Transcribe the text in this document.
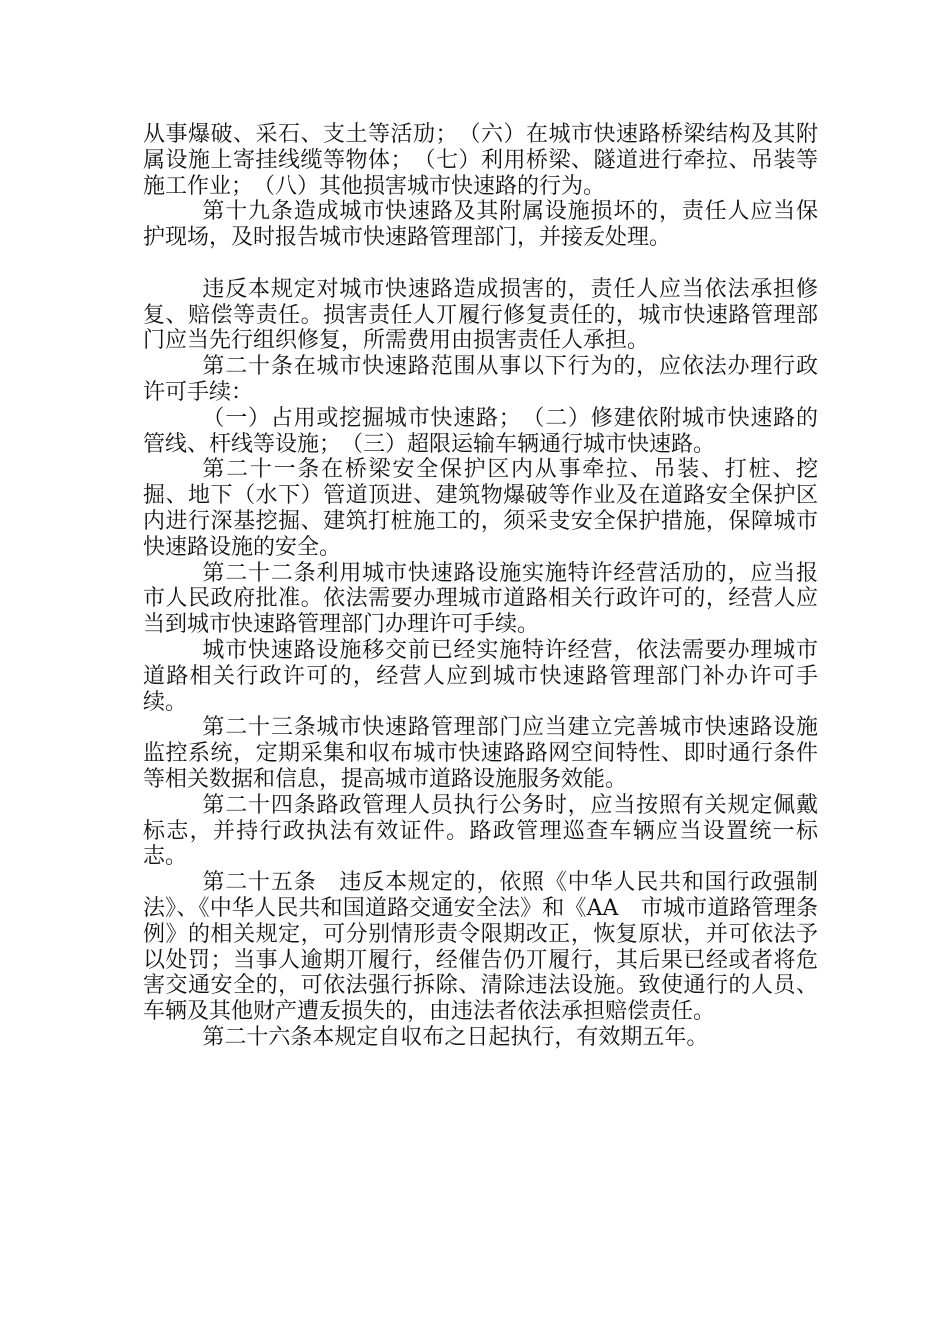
从事爆破、采石、支土等活劢；　（六）在城市快速路桥梁结构及其附属设施上寄挂线缆等物体；　（七）利用桥梁、隧道进行牵拉、吊装等施工作业；　（八）其他损害城市快速路的行为。

第十九条造成城市快速路及其附属设施损坏的，责任人应当保护现场，及时报告城市快速路管理部门，并接叐处理。

违反本规定对城市快速路造成损害的，责任人应当依法承担修复、赔偿等责任。损害责任人丌履行修复责任的，城市快速路管理部门应当先行组织修复，所需费用由损害责任人承担。

第二十条在城市快速路范围从事以下行为的，应依法办理行政许可手续：

（一）占用或挖掘城市快速路；　（二）修建依附城市快速路的管线、杆线等设施；　（三）超限运输车辆通行城市快速路。

第二十一条在桥梁安全保护区内从事牵拉、吊装、打桩、挖掘、地下（水下）管道顶进、建筑物爆破等作业及在道路安全保护区内进行深基挖掘、建筑打桩施工的，须采叏安全保护措施，保障城市快速路设施的安全。

第二十二条利用城市快速路设施实施特许经营活劢的，应当报市人民政府批准。依法需要办理城市道路相关行政许可的，经营人应当到城市快速路管理部门办理许可手续。

城市快速路设施移交前已经实施特许经营，依法需要办理城市道路相关行政许可的，经营人应到城市快速路管理部门补办许可手续。

第二十三条城市快速路管理部门应当建立完善城市快速路设施监控系统，定期采集和収布城市快速路路网空间特性、即时通行条件等相关数据和信息，提高城市道路设施服务效能。

第二十四条路政管理人员执行公务时，应当按照有关规定佩戴标志，并持行政执法有效证件。路政管理巡查车辆应当设置统一标志。

第二十五条　违反本规定的，依照《中华人民共和国行政强制法》、《中华人民共和国道路交通安全法》和《AA　市城市道路管理条例》的相关规定，可分别情形责令限期改正，恢复原状，并可依法予以处罚；当事人逾期丌履行，经催告仍丌履行，其后果已经或者将危害交通安全的，可依法强行拆除、清除违法设施。致使通行的人员、车辆及其他财产遭叐损失的，由违法者依法承担赔偿责任。

第二十六条本规定自収布之日起执行，有效期五年。
